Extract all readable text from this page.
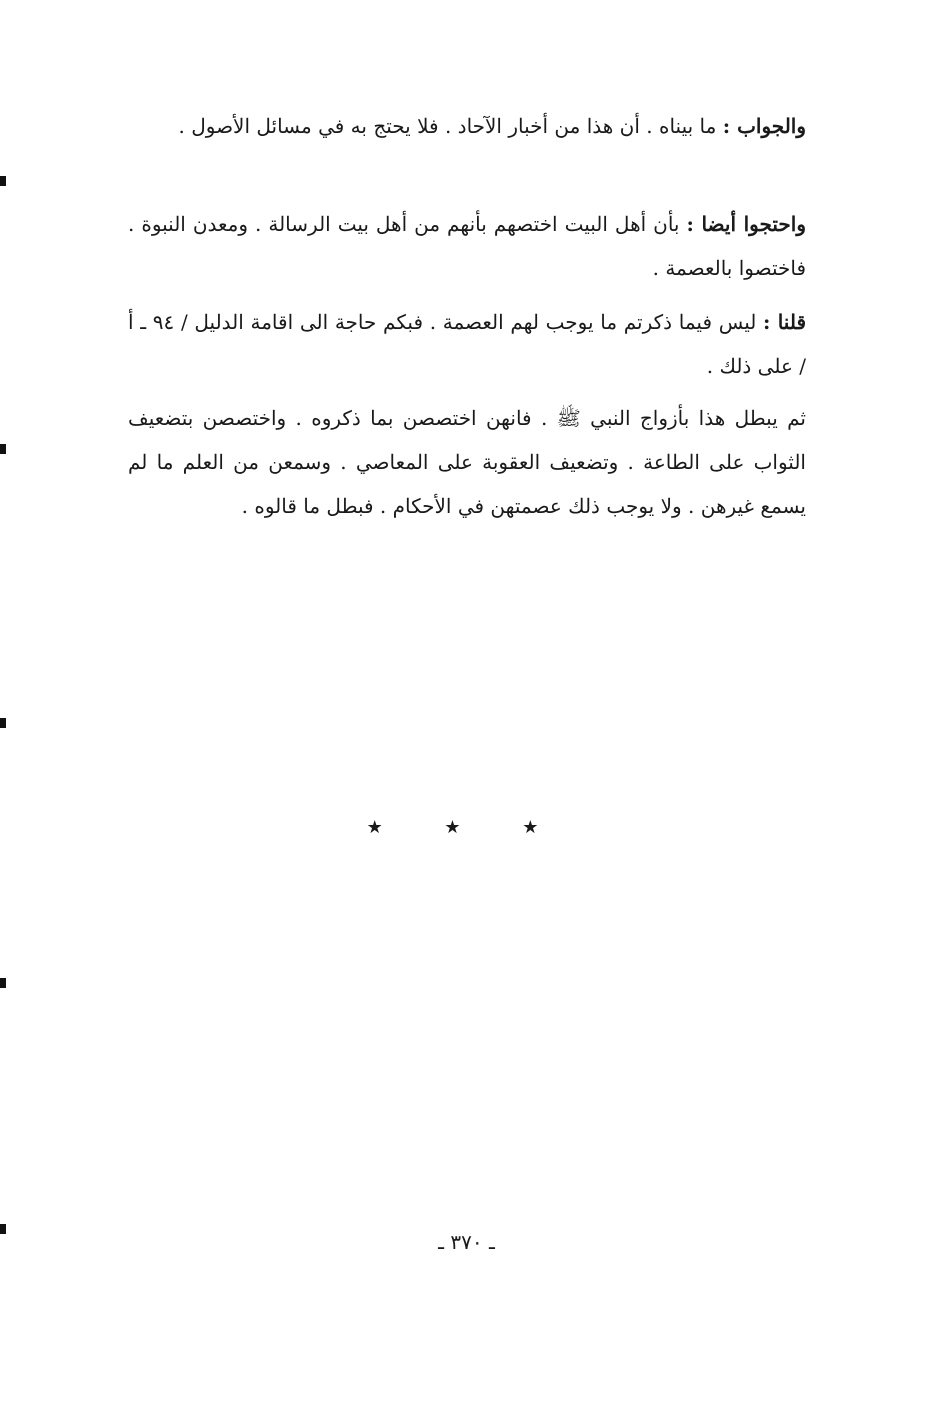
والجواب : ما بيناه . أن هذا من أخبار الآحاد . فلا يحتج به في مسائل الأصول .

واحتجوا أيضا : بأن أهل البيت اختصهم بأنهم من أهل بيت الرسالة . ومعدن النبوة . فاختصوا بالعصمة .

قلنا : ليس فيما ذكرتم ما يوجب لهم العصمة . فبكم حاجة الى اقامة الدليل / ٩٤ ـ أ / على ذلك .

ثم يبطل هذا بأزواج النبي ﷺ . فانهن اختصصن بما ذكروه . واختصصن بتضعيف الثواب على الطاعة . وتضعيف العقوبة على المعاصي . وسمعن من العلم ما لم يسمع غيرهن . ولا يوجب ذلك عصمتهن في الأحكام . فبطل ما قالوه .

★ ★ ★
ـ ٣٧٠ ـ
